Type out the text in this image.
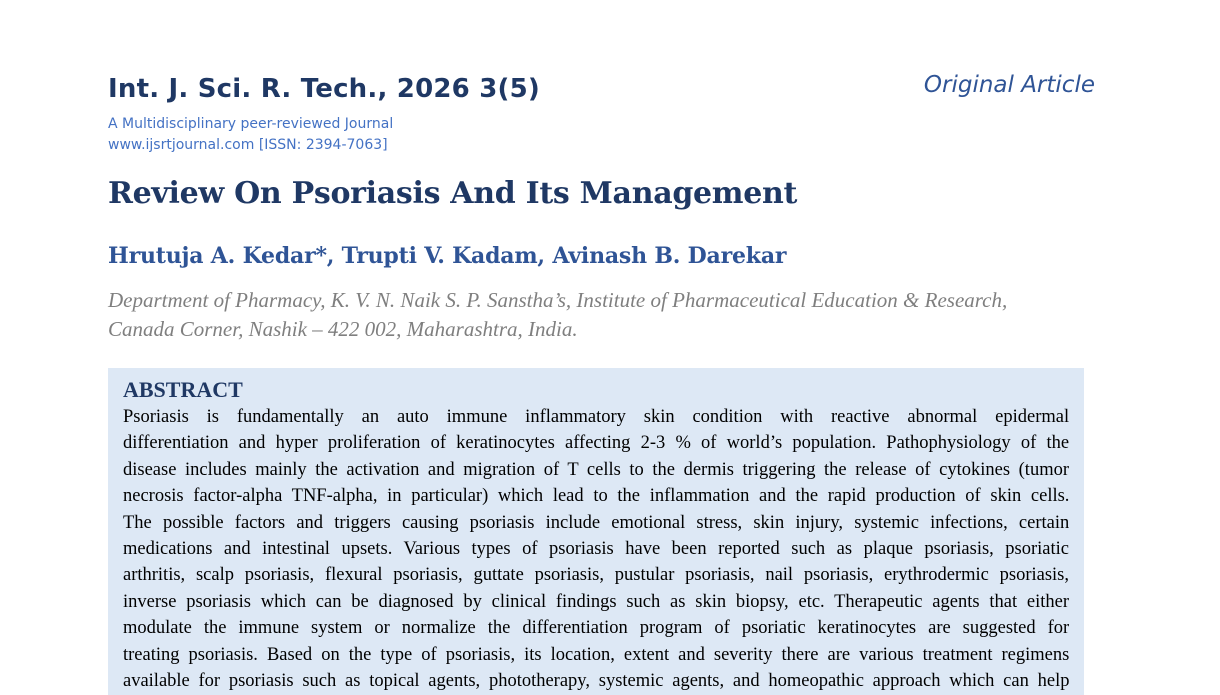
Int. J. Sci. R. Tech., 2026 3(5)	Original Article
A Multidisciplinary peer-reviewed Journal
www.ijsrtjournal.com [ISSN: 2394-7063]
Review On Psoriasis And Its Management
Hrutuja A. Kedar*, Trupti V. Kadam, Avinash B. Darekar
Department of Pharmacy, K. V. N. Naik S. P. Sanstha’s, Institute of Pharmaceutical Education & Research,
Canada Corner, Nashik – 422 002, Maharashtra, India.
ABSTRACT
Psoriasis is fundamentally an auto immune inflammatory skin condition with reactive abnormal epidermal
differentiation and hyper proliferation of keratinocytes affecting 2-3 % of world’s population. Pathophysiology of the
disease includes mainly the activation and migration of T cells to the dermis triggering the release of cytokines (tumor
necrosis factor-alpha TNF-alpha, in particular) which lead to the inflammation and the rapid production of skin cells.
The possible factors and triggers causing psoriasis include emotional stress, skin injury, systemic infections, certain
medications and intestinal upsets. Various types of psoriasis have been reported such as plaque psoriasis, psoriatic
arthritis, scalp psoriasis, flexural psoriasis, guttate psoriasis, pustular psoriasis, nail psoriasis, erythrodermic psoriasis,
inverse psoriasis which can be diagnosed by clinical findings such as skin biopsy, etc. Therapeutic agents that either
modulate the immune system or normalize the differentiation program of psoriatic keratinocytes are suggested for
treating psoriasis. Based on the type of psoriasis, its location, extent and severity there are various treatment regimens
available for psoriasis such as topical agents, phototherapy, systemic agents, and homeopathic approach which can help
